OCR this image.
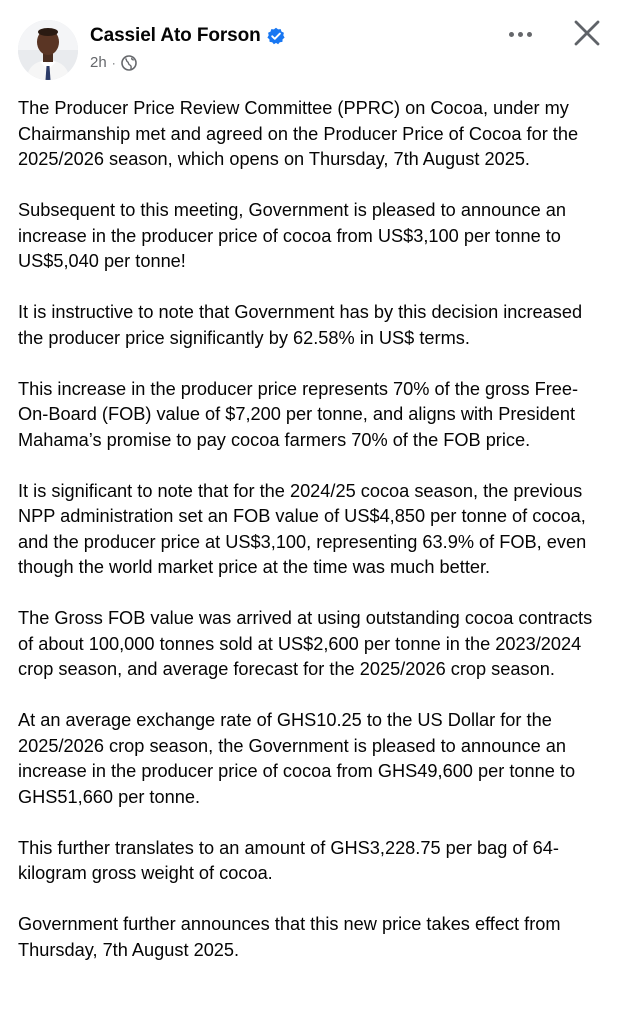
Cassiel Ato Forson
2h ·

The Producer Price Review Committee (PPRC) on Cocoa, under my Chairmanship met and agreed on the Producer Price of Cocoa for the 2025/2026 season, which opens on Thursday, 7th August 2025.

Subsequent to this meeting, Government is pleased to announce an increase in the producer price of cocoa from US$3,100 per tonne to US$5,040 per tonne!

It is instructive to note that Government has by this decision increased the producer price significantly by 62.58% in US$ terms.

This increase in the producer price represents 70% of the gross Free-On-Board (FOB) value of $7,200 per tonne, and aligns with President Mahama’s promise to pay cocoa farmers 70% of the FOB price.

It is significant to note that for the 2024/25 cocoa season, the previous NPP administration set an FOB value of US$4,850 per tonne of cocoa, and the producer price at US$3,100, representing 63.9% of FOB, even though the world market price at the time was much better.

The Gross FOB value was arrived at using outstanding cocoa contracts of about 100,000 tonnes sold at US$2,600 per tonne in the 2023/2024 crop season, and average forecast for the 2025/2026 crop season.

At an average exchange rate of GHS10.25 to the US Dollar for the 2025/2026 crop season, the Government is pleased to announce an increase in the producer price of cocoa from GHS49,600 per tonne to GHS51,660 per tonne.

This further translates to an amount of GHS3,228.75 per bag of 64-kilogram gross weight of cocoa.

Government further announces that this new price takes effect from Thursday, 7th August 2025.
